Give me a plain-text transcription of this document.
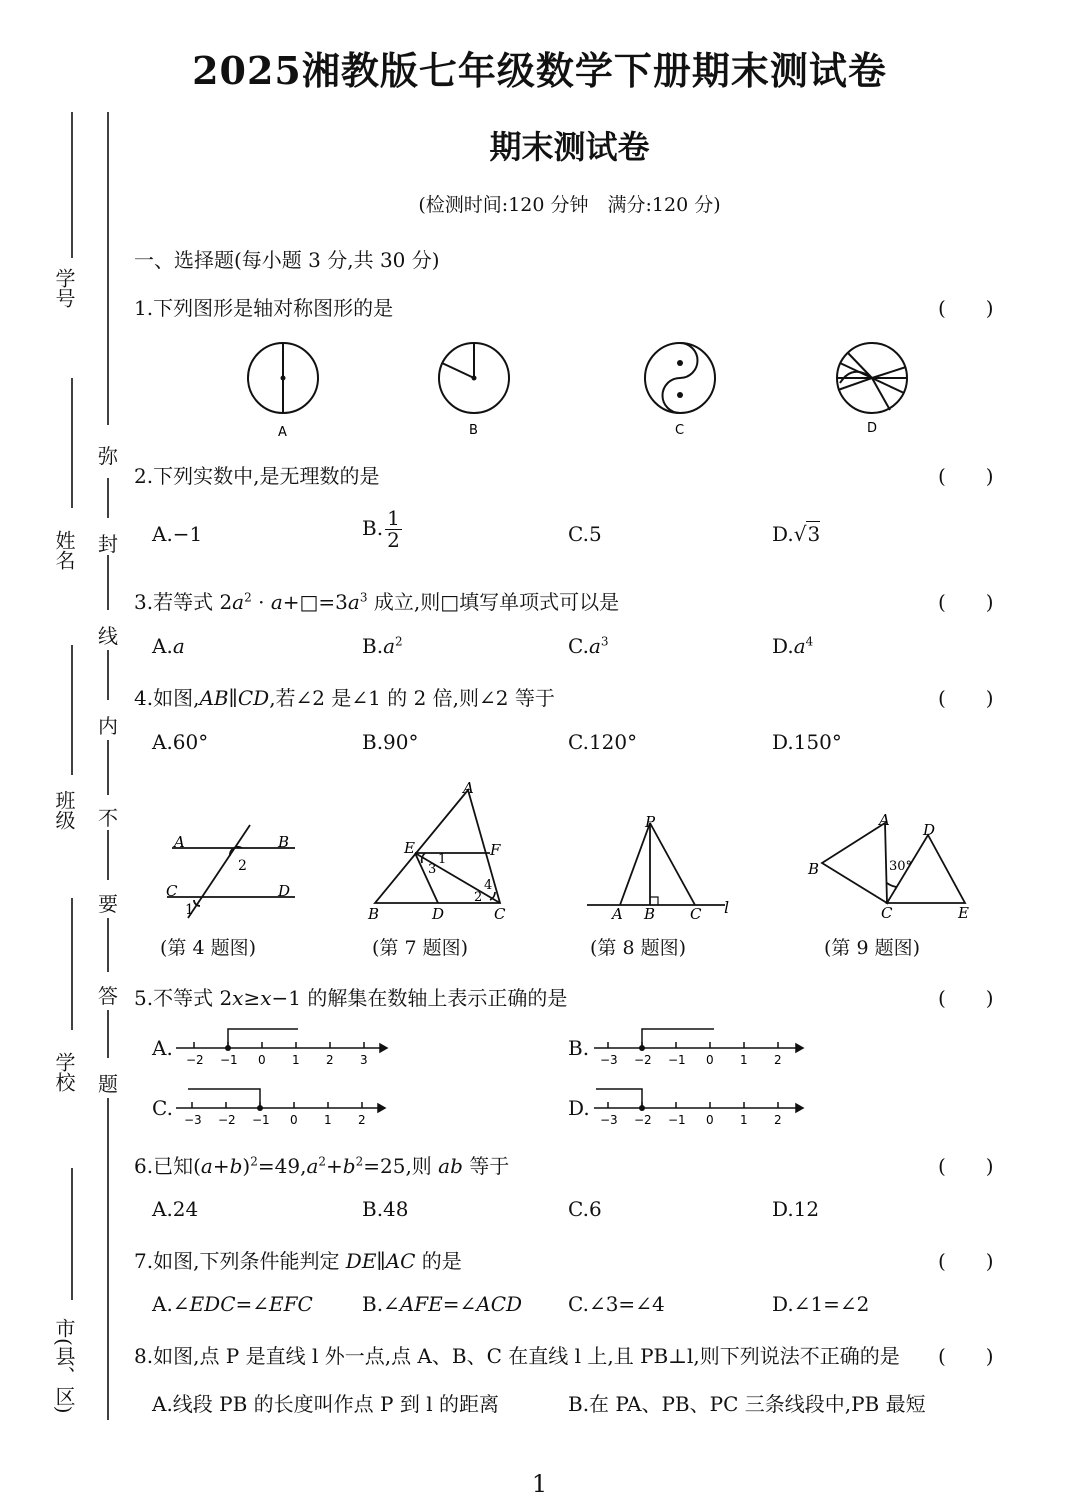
2025湘教版七年级数学下册期末测试卷
期末测试卷
(检测时间:120 分钟　满分:120 分)
学号
姓名
班级
学校
市(县、区)
弥
封
线
内
不
要
答
题
一、选择题(每小题 3 分,共 30 分)
1.下列图形是轴对称图形的是	(　　)
A	B	C	D
2.下列实数中,是无理数的是	(　　)
A.−1	B. $\frac{1}{2}$	C.5	D.√3
3.若等式 $2a^2$ · $a+□=3a^3$ 成立,则□填写单项式可以是	(　　)
A.a	$B.a^2$	$C.a^3$	$D.a^4$
4.如图,AB∥CD,若∠2 是∠1 的 2 倍,则∠2 等于	(　　)
A.60°	B.90°	C.120°	D.150°
A	B
C	D
2
1
A
B	C
D
E	F
1
3
2
4
P
A B C l
A
B
C
D
E
30°
(第 4 题图)	(第 7 题图)	(第 8 题图)	(第 9 题图)
5.不等式 2x≥x−1 的解集在数轴上表示正确的是	(　　)
A.	B.
C.	D.
−2 −1 0 1 2 3	−3 −2 −1 0 1 2
−3 −2 −1 0 1 2	−3 −2 −1 0 1 2
6.已知$(a+b)^2=49,a^2+b^2=25$,则 ab 等于	(　　)
A.24	B.48	C.6	D.12
7.如图,下列条件能判定 DE∥AC 的是	(　　)
A.∠EDC=∠EFC B.∠AFE=∠ACD C.∠3=∠4	D.∠1=∠2
8.如图,点 P 是直线 l 外一点,点 A、B、C 在直线 l 上,且 PB⊥l,则下列说法不正确的是 (　　)
A.线段 PB 的长度叫作点 P 到 l 的距离	B.在 PA、PB、PC 三条线段中,PB 最短
1
